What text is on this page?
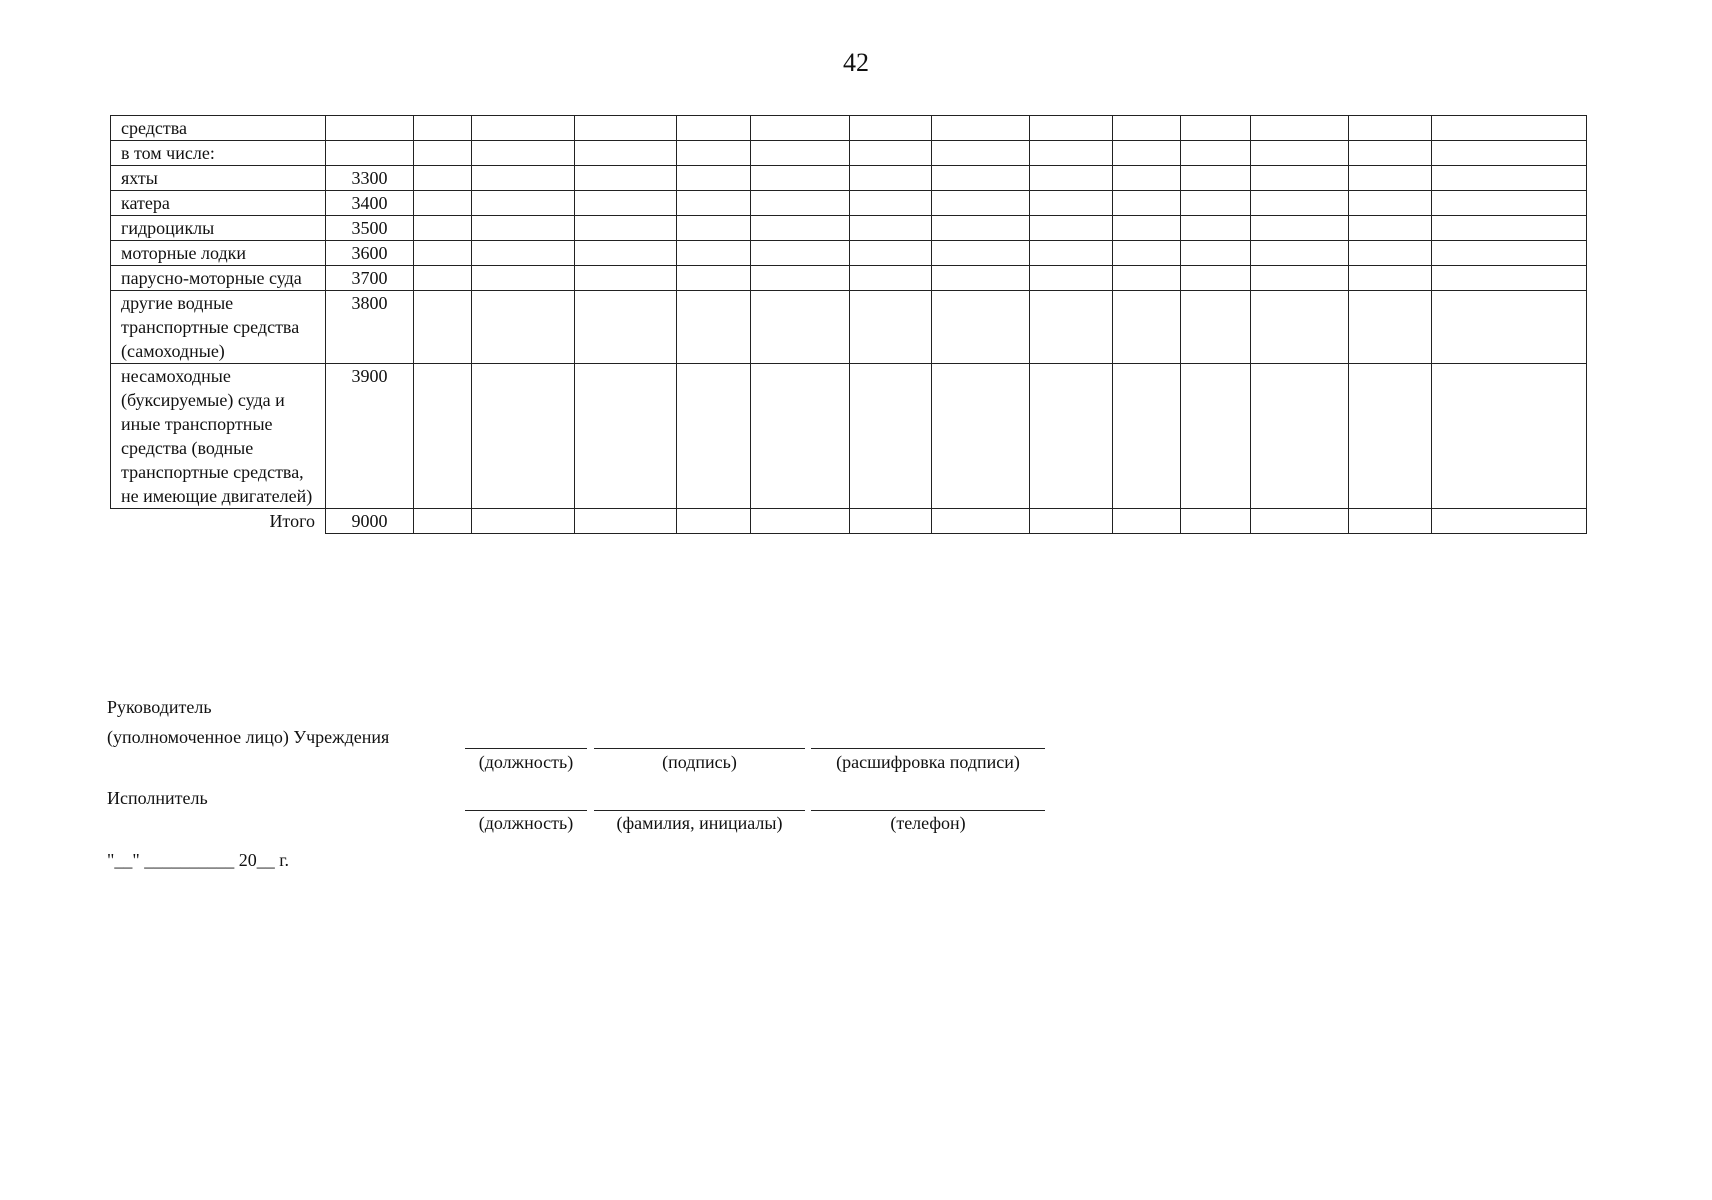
42
средства														
в том числе:														
яхты	3300													
катера	3400													
гидроциклы	3500													
моторные лодки	3600													
парусно-моторные суда	3700													
другие водные транспортные средства (самоходные)	3800													
несамоходные (буксируемые) суда и иные транспортные средства (водные транспортные средства, не имеющие двигателей)	3900													
Итого	9000													
Руководитель
(уполномоченное лицо) Учреждения
(должность)	(подпись)	(расшифровка подписи)
Исполнитель
(должность)	(фамилия, инициалы)	(телефон)
"__" __________ 20__ г.
